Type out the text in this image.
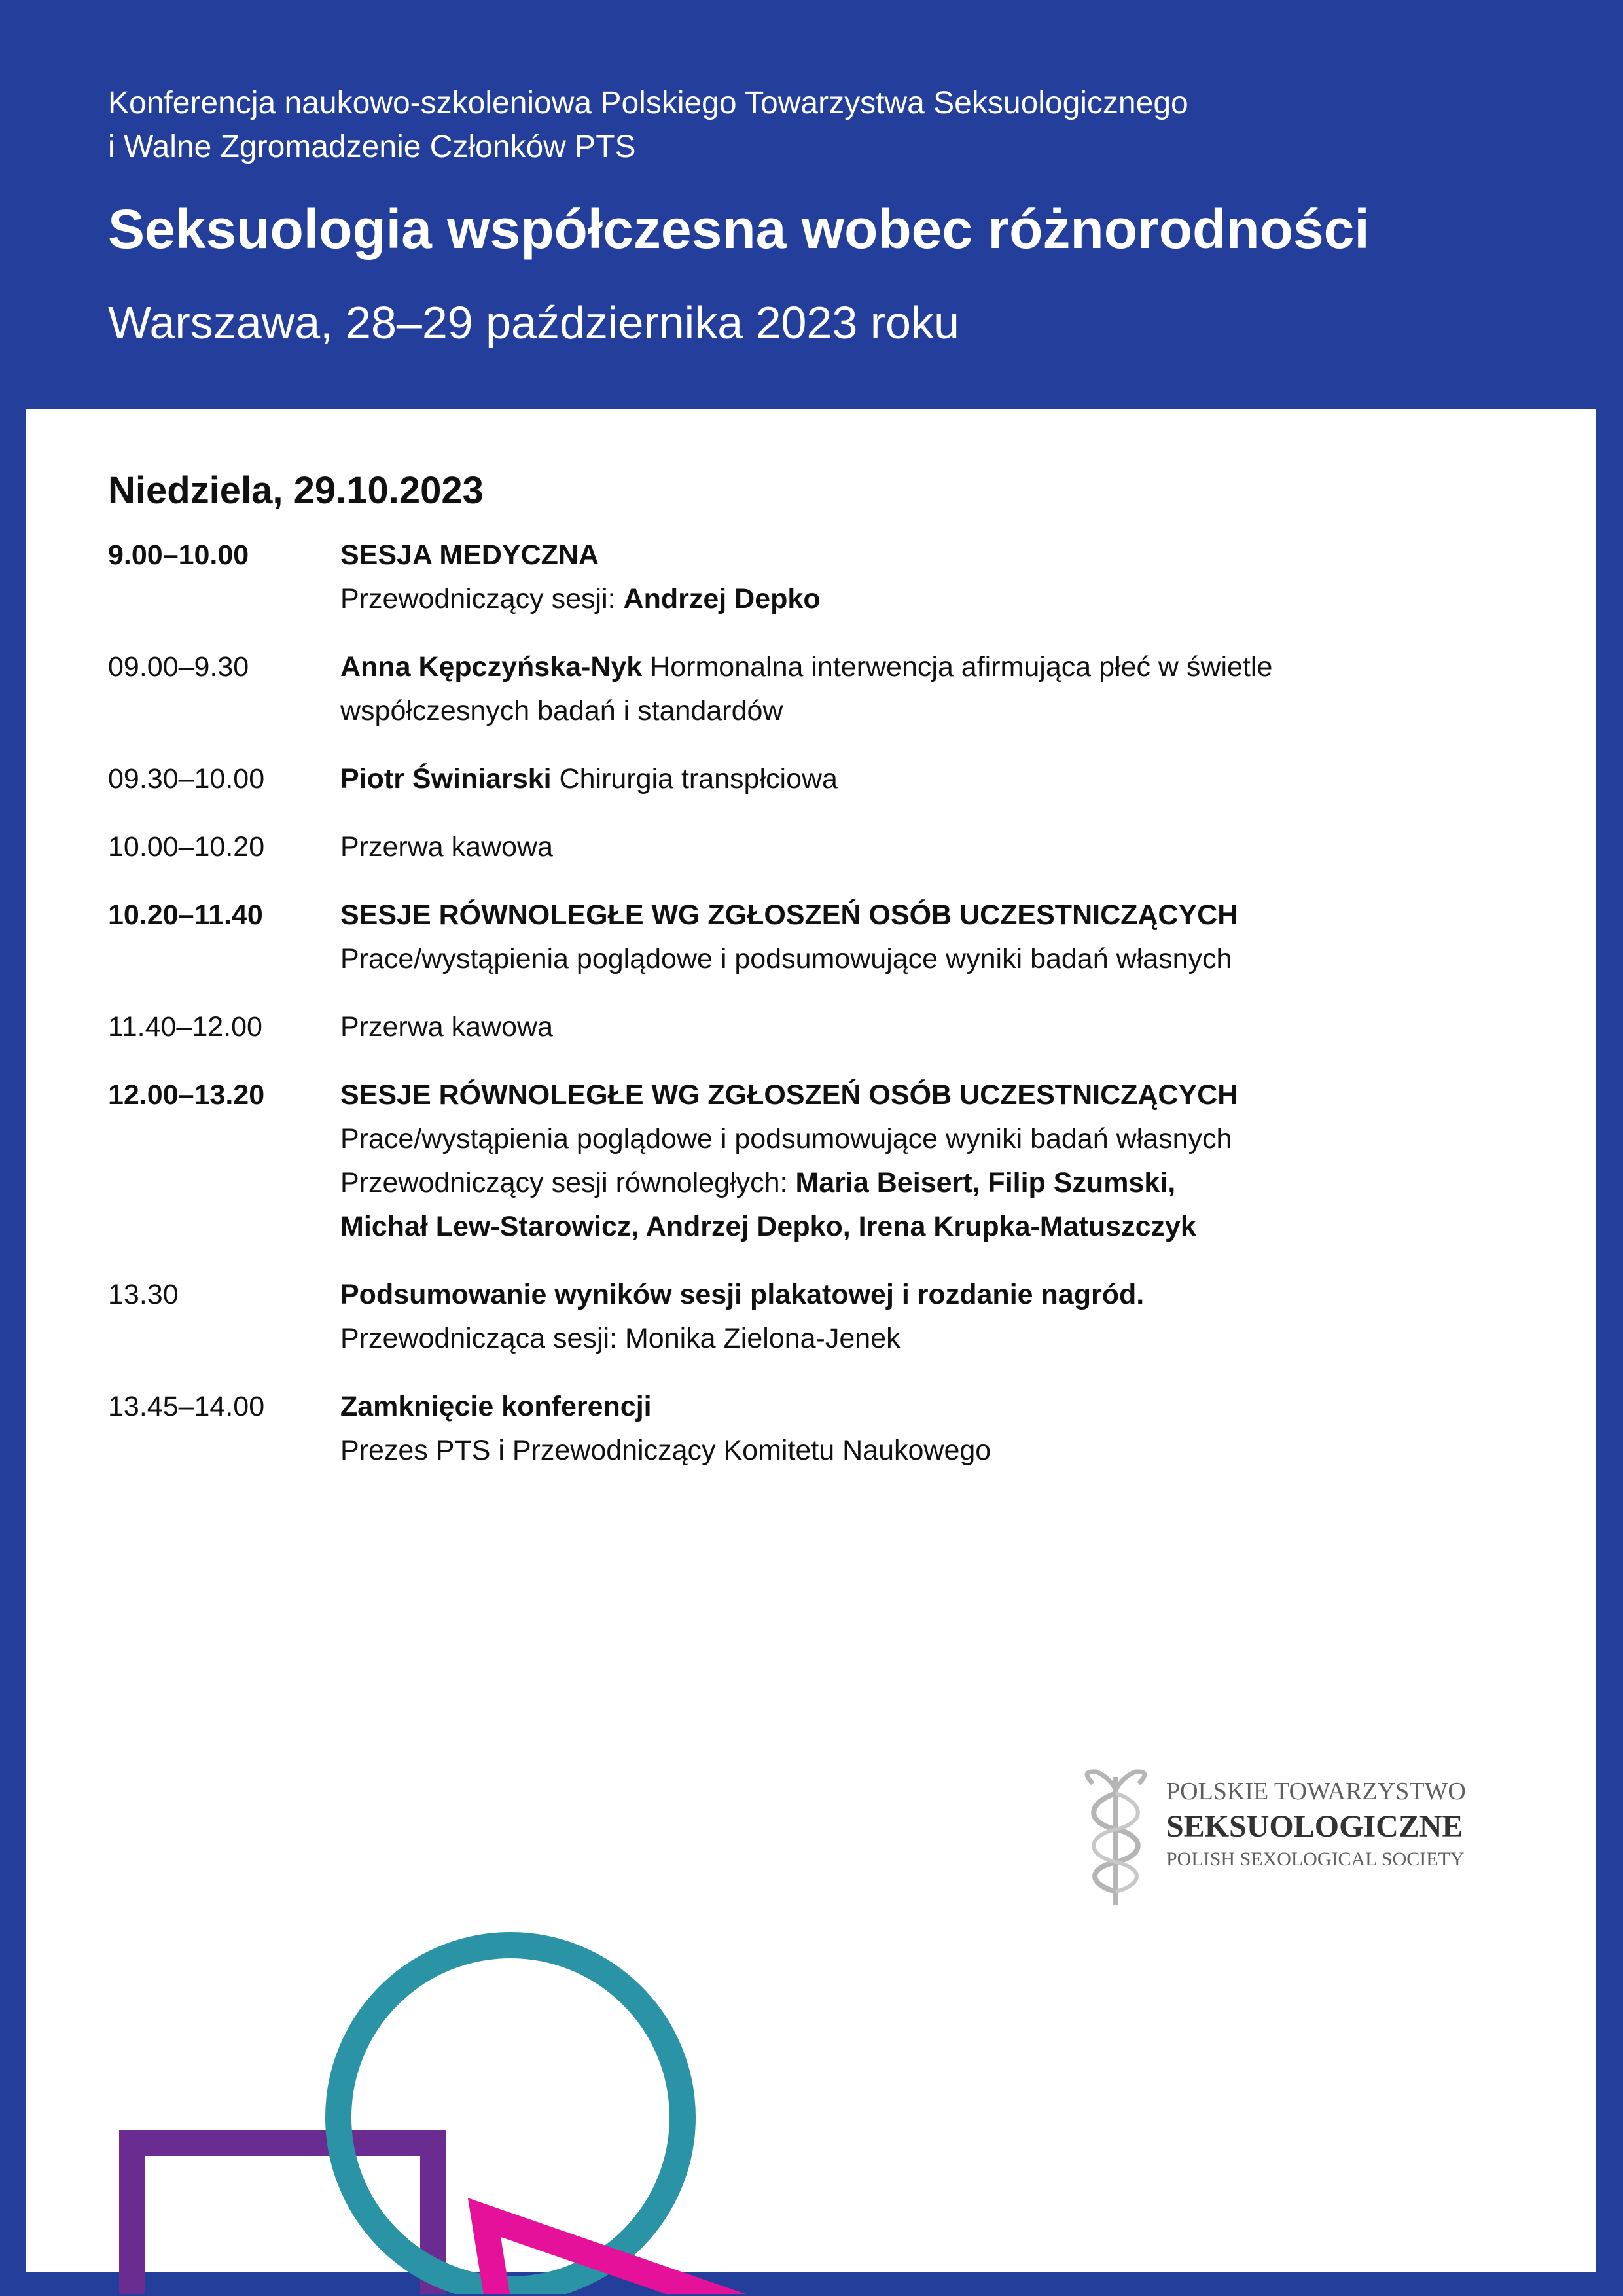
Konferencja naukowo-szkoleniowa Polskiego Towarzystwa Seksuologicznego
i Walne Zgromadzenie Członków PTS
Seksuologia współczesna wobec różnorodności
Warszawa, 28–29 października 2023 roku
Niedziela, 29.10.2023
9.00–10.00	SESJA MEDYCZNA
Przewodniczący sesji: Andrzej Depko
09.00–9.30	Anna Kępczyńska-Nyk Hormonalna interwencja afirmująca płeć w świetle
współczesnych badań i standardów
09.30–10.00	Piotr Świniarski Chirurgia transpłciowa
10.00–10.20	Przerwa kawowa
10.20–11.40	SESJE RÓWNOLEGŁE WG ZGŁOSZEŃ OSÓB UCZESTNICZĄCYCH
Prace/wystąpienia poglądowe i podsumowujące wyniki badań własnych
11.40–12.00	Przerwa kawowa
12.00–13.20	SESJE RÓWNOLEGŁE WG ZGŁOSZEŃ OSÓB UCZESTNICZĄCYCH
Prace/wystąpienia poglądowe i podsumowujące wyniki badań własnych
Przewodniczący sesji równoległych: Maria Beisert, Filip Szumski,
Michał Lew-Starowicz, Andrzej Depko, Irena Krupka-Matuszczyk
13.30	Podsumowanie wyników sesji plakatowej i rozdanie nagród.
Przewodnicząca sesji: Monika Zielona-Jenek
13.45–14.00	Zamknięcie konferencji
Prezes PTS i Przewodniczący Komitetu Naukowego
POLSKIE TOWARZYSTWO
SEKSUOLOGICZNE
POLISH SEXOLOGICAL SOCIETY
